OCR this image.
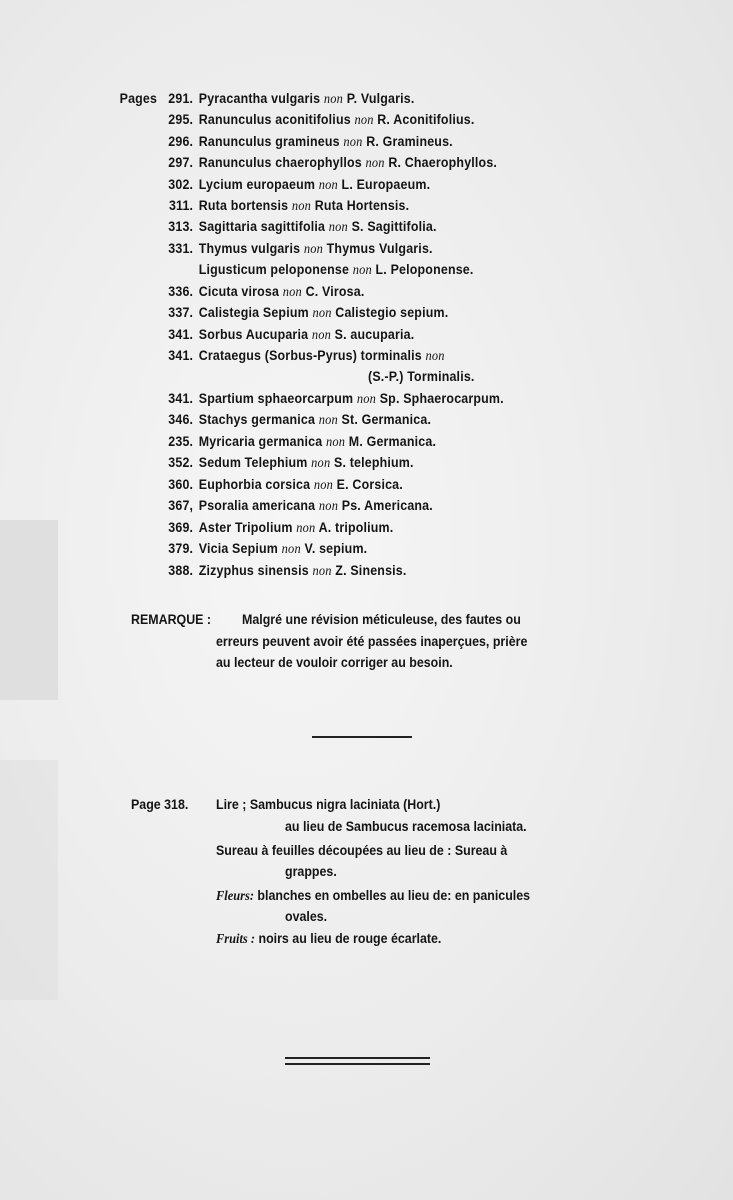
Pages 291. Pyracantha vulgaris non P. Vulgaris.
295. Ranunculus aconitifolius non R. Aconitifolius.
296. Ranunculus gramineus non R. Gramineus.
297. Ranunculus chaerophyllos non R. Chaerophyllos.
302. Lycium europaeum non L. Europaeum.
311. Ruta bortensis non Ruta Hortensis.
313. Sagittaria sagittifolia non S. Sagittifolia.
331. Thymus vulgaris non Thymus Vulgaris.
Ligusticum peloponense non L. Peloponense.
336. Cicuta virosa non C. Virosa.
337. Calistegia Sepium non Calistegio sepium.
341. Sorbus Aucuparia non S. aucuparia.
341. Crataegus (Sorbus-Pyrus) torminalis non
(S.-P.) Torminalis.
341. Spartium sphaeorcarpum non Sp. Sphaerocarpum.
346. Stachys germanica non St. Germanica.
235. Myricaria germanica non M. Germanica.
352. Sedum Telephium non S. telephium.
360. Euphorbia corsica non E. Corsica.
367, Psoralia americana non Ps. Americana.
369. Aster Tripolium non A. tripolium.
379. Vicia Sepium non V. sepium.
388. Zizyphus sinensis non Z. Sinensis.
REMARQUE : Malgré une révision méticuleuse, des fautes ou
erreurs peuvent avoir été passées inaperçues, prière
au lecteur de vouloir corriger au besoin.
Page 318. Lire ; Sambucus nigra laciniata (Hort.)
au lieu de Sambucus racemosa laciniata.
Sureau à feuilles découpées au lieu de : Sureau à
grappes.
Fleurs: blanches en ombelles au lieu de: en panicules
ovales.
Fruits : noirs au lieu de rouge écarlate.
